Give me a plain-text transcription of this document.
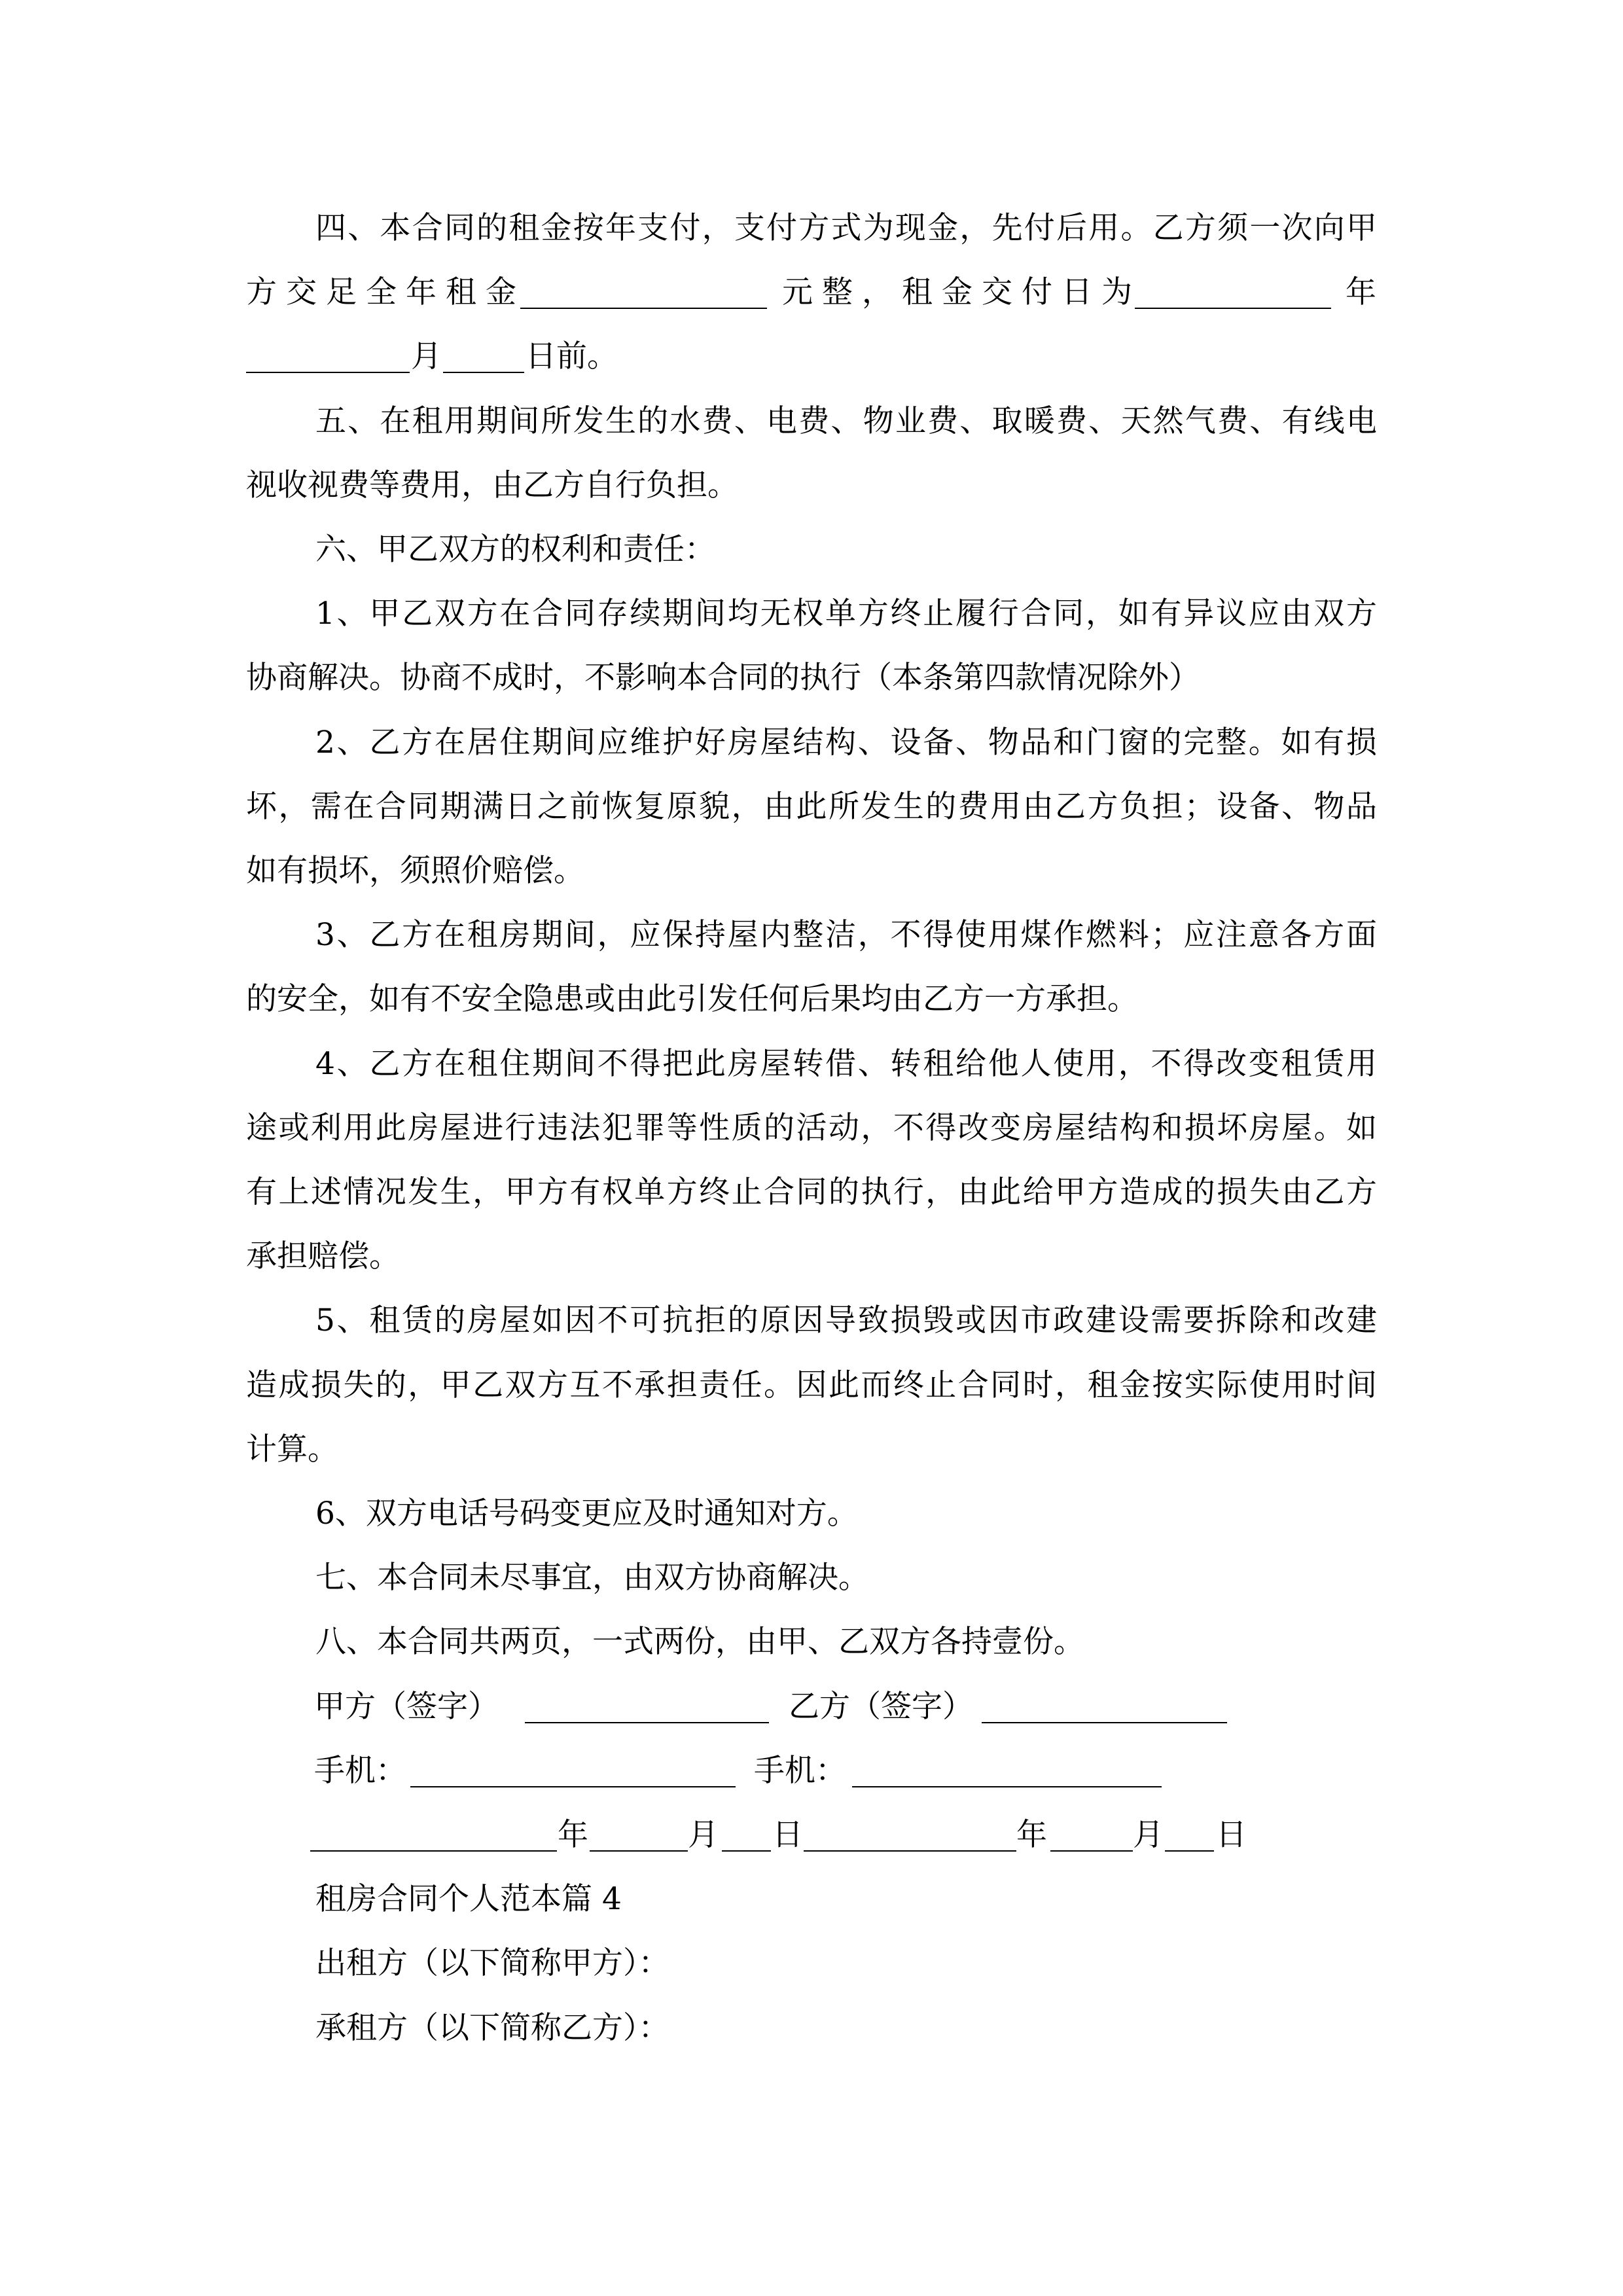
四、本合同的租金按年支付，支付方式为现金，先付后用。乙方须一次向甲
方交足全年租金	元整，租金交付日为	年
月	日前。
五、在租用期间所发生的水费、电费、物业费、取暖费、天然气费、有线电
视收视费等费用，由乙方自行负担。
六、甲乙双方的权利和责任：
1、甲乙双方在合同存续期间均无权单方终止履行合同，如有异议应由双方
协商解决。协商不成时，不影响本合同的执行（本条第四款情况除外）
2、乙方在居住期间应维护好房屋结构、设备、物品和门窗的完整。如有损
坏，需在合同期满日之前恢复原貌，由此所发生的费用由乙方负担；设备、物品
如有损坏，须照价赔偿。
3、乙方在租房期间，应保持屋内整洁，不得使用煤作燃料；应注意各方面
的安全，如有不安全隐患或由此引发任何后果均由乙方一方承担。
4、乙方在租住期间不得把此房屋转借、转租给他人使用，不得改变租赁用
途或利用此房屋进行违法犯罪等性质的活动，不得改变房屋结构和损坏房屋。如
有上述情况发生，甲方有权单方终止合同的执行，由此给甲方造成的损失由乙方
承担赔偿。
5、租赁的房屋如因不可抗拒的原因导致损毁或因市政建设需要拆除和改建
造成损失的，甲乙双方互不承担责任。因此而终止合同时，租金按实际使用时间
计算。
6、双方电话号码变更应及时通知对方。
七、本合同未尽事宜，由双方协商解决。
八、本合同共两页，一式两份，由甲、乙双方各持壹份。
甲方（签字）	乙方（签字）
手机：	手机：
年	月 日	年	月 日
租房合同个人范本篇 4
出租方（以下简称甲方）：
承租方（以下简称乙方）：
